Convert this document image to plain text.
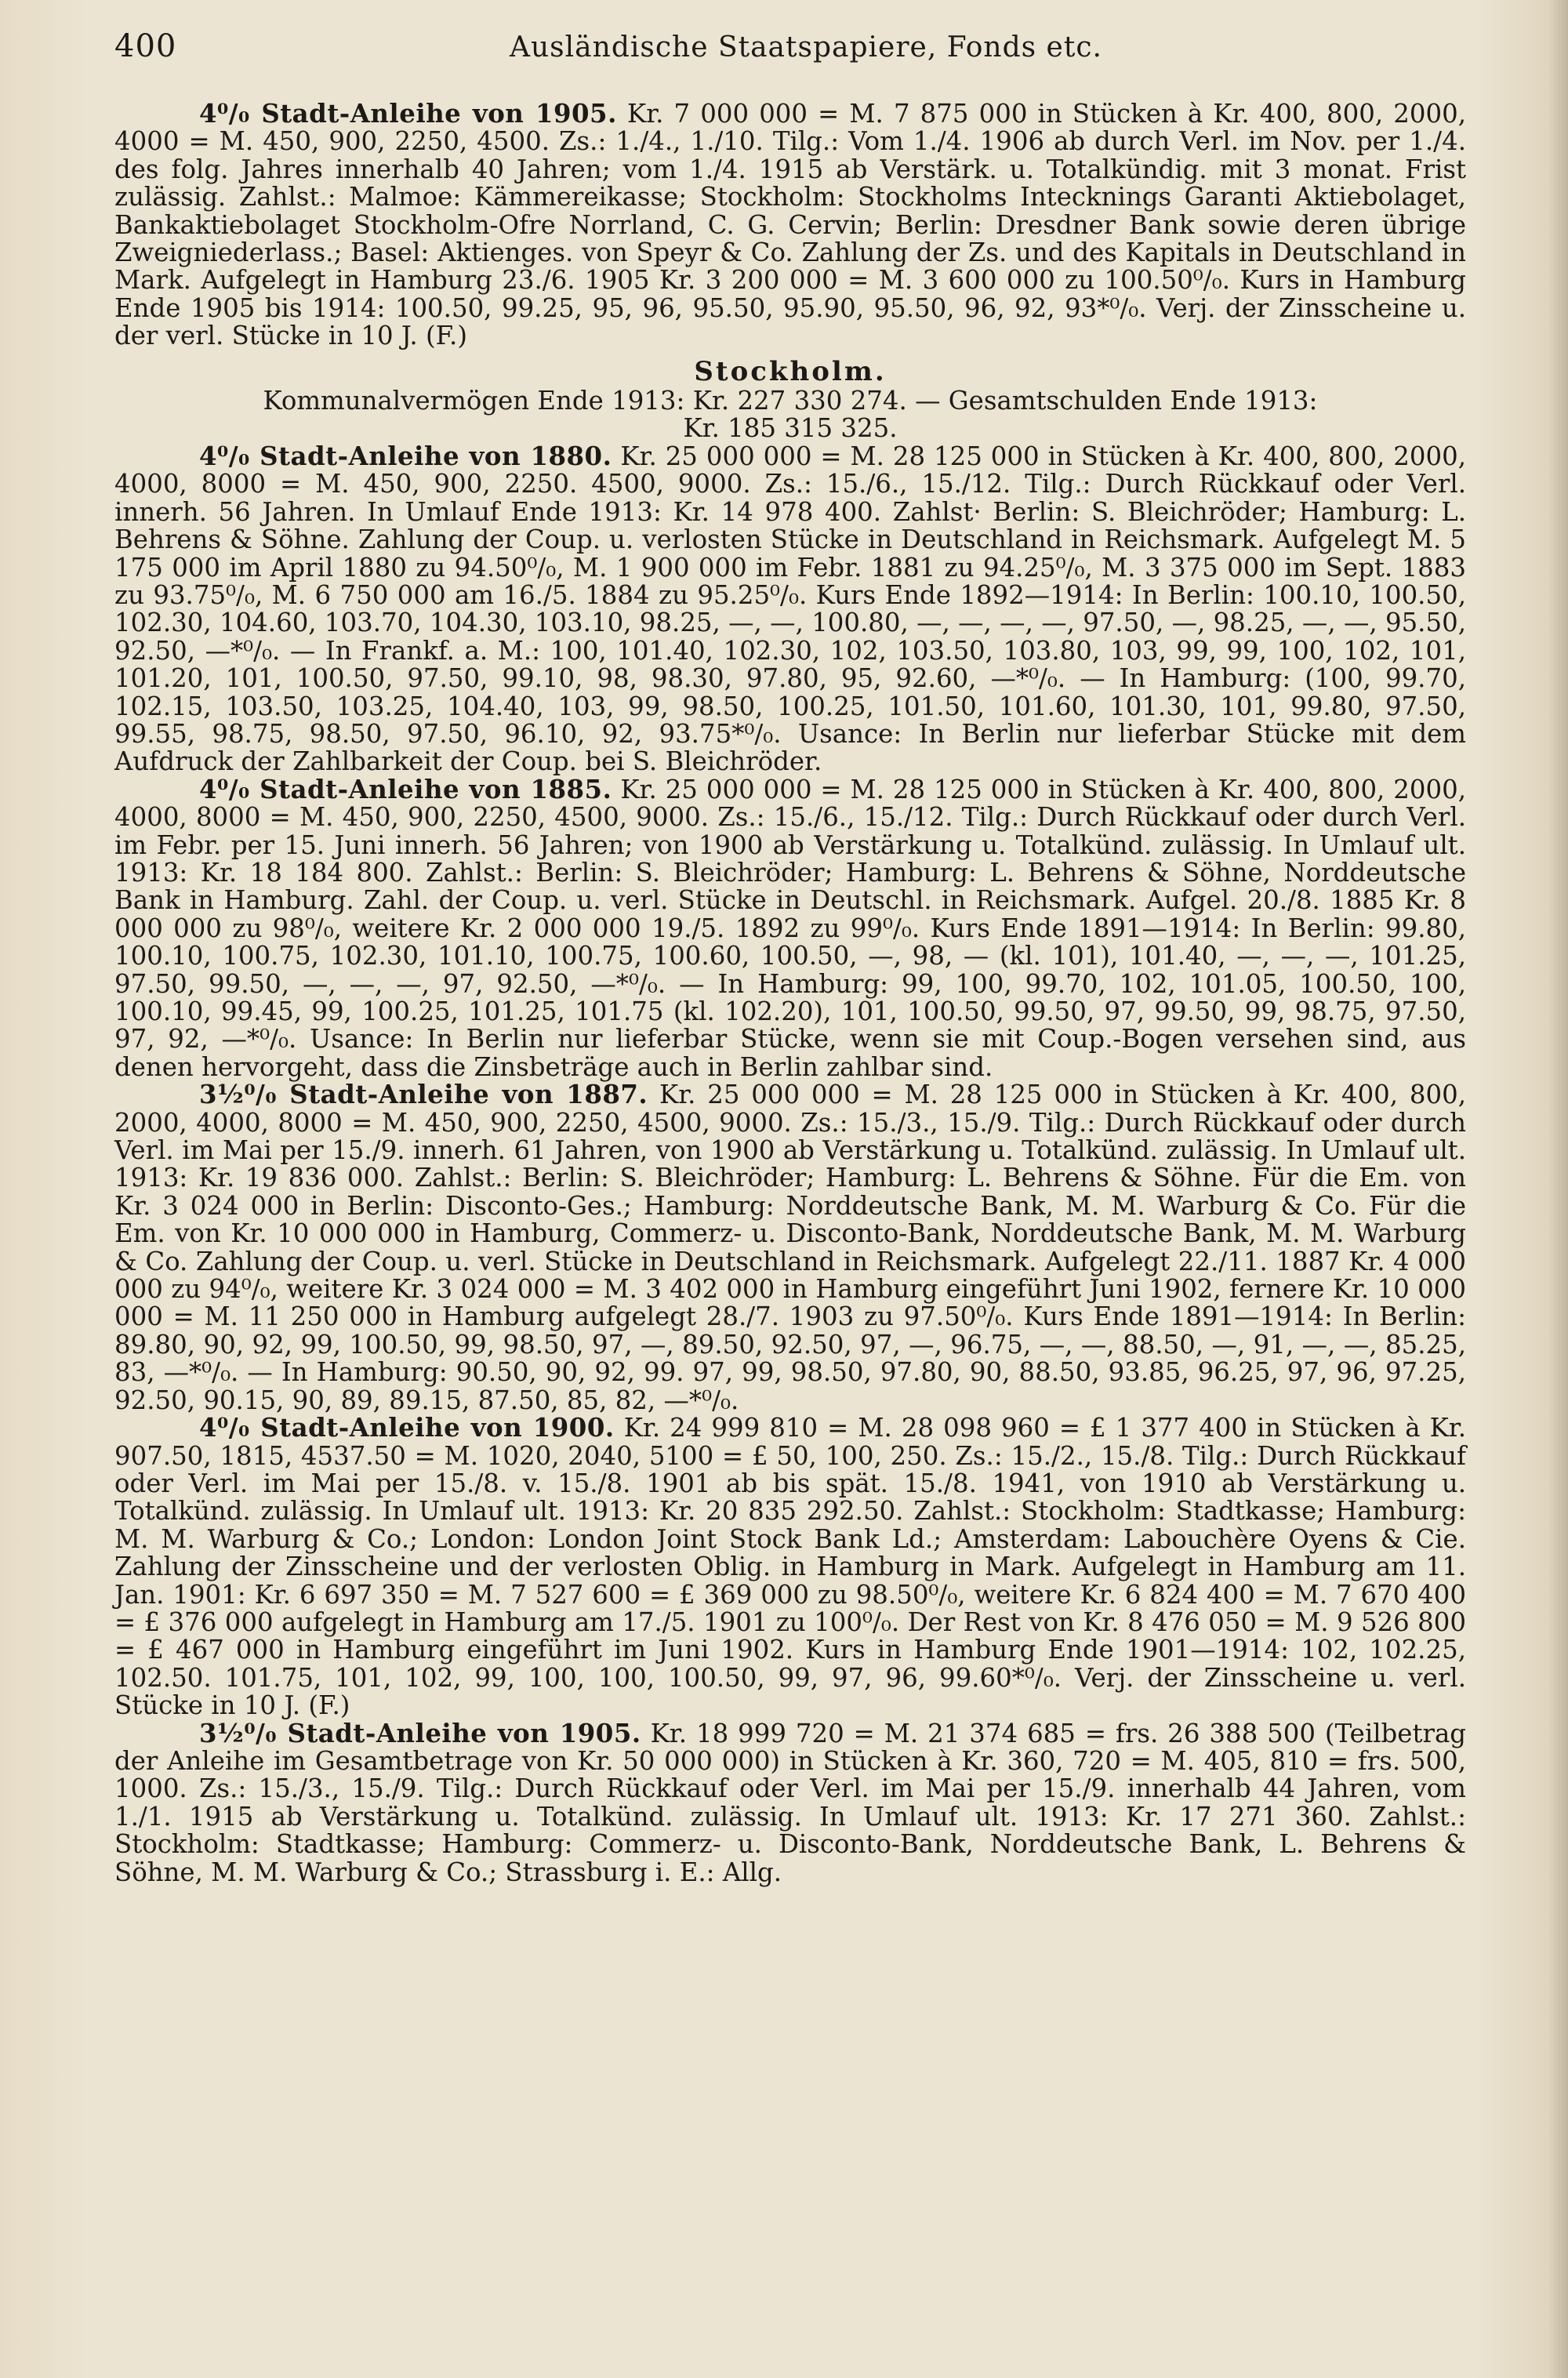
400	Ausländische Staatspapiere, Fonds etc.

4⁰/₀ Stadt-Anleihe von 1905. Kr. 7 000 000 = M. 7 875 000 in Stücken à Kr. 400, 800, 2000, 4000 = M. 450, 900, 2250, 4500. Zs.: 1./4., 1./10. Tilg.: Vom 1./4. 1906 ab durch Verl. im Nov. per 1./4. des folg. Jahres innerhalb 40 Jahren; vom 1./4. 1915 ab Verstärk. u. Totalkündig. mit 3 monat. Frist zulässig. Zahlst.: Malmoe: Kämmereikasse; Stockholm: Stockholms Intecknings Garanti Aktiebolaget, Bankaktiebolaget Stockholm-Ofre Norrland, C. G. Cervin; Berlin: Dresdner Bank sowie deren übrige Zweigniederlass.; Basel: Aktienges. von Speyr & Co. Zahlung der Zs. und des Kapitals in Deutschland in Mark. Aufgelegt in Hamburg 23./6. 1905 Kr. 3 200 000 = M. 3 600 000 zu 100.50⁰/₀. Kurs in Hamburg Ende 1905 bis 1914: 100.50, 99.25, 95, 96, 95.50, 95.90, 95.50, 96, 92, 93*⁰/₀. Verj. der Zinsscheine u. der verl. Stücke in 10 J. (F.)

Stockholm.
Kommunalvermögen Ende 1913: Kr. 227 330 274. — Gesamtschulden Ende 1913:
Kr. 185 315 325.

4⁰/₀ Stadt-Anleihe von 1880. Kr. 25 000 000 = M. 28 125 000 in Stücken à Kr. 400, 800, 2000, 4000, 8000 = M. 450, 900, 2250. 4500, 9000. Zs.: 15./6., 15./12. Tilg.: Durch Rückkauf oder Verl. innerh. 56 Jahren. In Umlauf Ende 1913: Kr. 14 978 400. Zahlst· Berlin: S. Bleichröder; Hamburg: L. Behrens & Söhne. Zahlung der Coup. u. verlosten Stücke in Deutschland in Reichsmark. Aufgelegt M. 5 175 000 im April 1880 zu 94.50⁰/₀, M. 1 900 000 im Febr. 1881 zu 94.25⁰/₀, M. 3 375 000 im Sept. 1883 zu 93.75⁰/₀, M. 6 750 000 am 16./5. 1884 zu 95.25⁰/₀. Kurs Ende 1892—1914: In Berlin: 100.10, 100.50, 102.30, 104.60, 103.70, 104.30, 103.10, 98.25, —, —, 100.80, —, —, —, —, 97.50, —, 98.25, —, —, 95.50, 92.50, —*⁰/₀. — In Frankf. a. M.: 100, 101.40, 102.30, 102, 103.50, 103.80, 103, 99, 99, 100, 102, 101, 101.20, 101, 100.50, 97.50, 99.10, 98, 98.30, 97.80, 95, 92.60, —*⁰/₀. — In Hamburg: (100, 99.70, 102.15, 103.50, 103.25, 104.40, 103, 99, 98.50, 100.25, 101.50, 101.60, 101.30, 101, 99.80, 97.50, 99.55, 98.75, 98.50, 97.50, 96.10, 92, 93.75*⁰/₀. Usance: In Berlin nur lieferbar Stücke mit dem Aufdruck der Zahlbarkeit der Coup. bei S. Bleichröder.

4⁰/₀ Stadt-Anleihe von 1885. Kr. 25 000 000 = M. 28 125 000 in Stücken à Kr. 400, 800, 2000, 4000, 8000 = M. 450, 900, 2250, 4500, 9000. Zs.: 15./6., 15./12. Tilg.: Durch Rückkauf oder durch Verl. im Febr. per 15. Juni innerh. 56 Jahren; von 1900 ab Verstärkung u. Totalkünd. zulässig. In Umlauf ult. 1913: Kr. 18 184 800. Zahlst.: Berlin: S. Bleichröder; Hamburg: L. Behrens & Söhne, Norddeutsche Bank in Hamburg. Zahl. der Coup. u. verl. Stücke in Deutschl. in Reichsmark. Aufgel. 20./8. 1885 Kr. 8 000 000 zu 98⁰/₀, weitere Kr. 2 000 000 19./5. 1892 zu 99⁰/₀. Kurs Ende 1891—1914: In Berlin: 99.80, 100.10, 100.75, 102.30, 101.10, 100.75, 100.60, 100.50, —, 98, — (kl. 101), 101.40, —, —, —, 101.25, 97.50, 99.50, —, —, —, 97, 92.50, —*⁰/₀. — In Hamburg: 99, 100, 99.70, 102, 101.05, 100.50, 100, 100.10, 99.45, 99, 100.25, 101.25, 101.75 (kl. 102.20), 101, 100.50, 99.50, 97, 99.50, 99, 98.75, 97.50, 97, 92, —*⁰/₀. Usance: In Berlin nur lieferbar Stücke, wenn sie mit Coup.-Bogen versehen sind, aus denen hervorgeht, dass die Zinsbeträge auch in Berlin zahlbar sind.

3½⁰/₀ Stadt-Anleihe von 1887. Kr. 25 000 000 = M. 28 125 000 in Stücken à Kr. 400, 800, 2000, 4000, 8000 = M. 450, 900, 2250, 4500, 9000. Zs.: 15./3., 15./9. Tilg.: Durch Rückkauf oder durch Verl. im Mai per 15./9. innerh. 61 Jahren, von 1900 ab Verstärkung u. Totalkünd. zulässig. In Umlauf ult. 1913: Kr. 19 836 000. Zahlst.: Berlin: S. Bleichröder; Hamburg: L. Behrens & Söhne. Für die Em. von Kr. 3 024 000 in Berlin: Disconto-Ges.; Hamburg: Norddeutsche Bank, M. M. Warburg & Co. Für die Em. von Kr. 10 000 000 in Hamburg, Commerz- u. Disconto-Bank, Norddeutsche Bank, M. M. Warburg & Co. Zahlung der Coup. u. verl. Stücke in Deutschland in Reichsmark. Aufgelegt 22./11. 1887 Kr. 4 000 000 zu 94⁰/₀, weitere Kr. 3 024 000 = M. 3 402 000 in Hamburg eingeführt Juni 1902, fernere Kr. 10 000 000 = M. 11 250 000 in Hamburg aufgelegt 28./7. 1903 zu 97.50⁰/₀. Kurs Ende 1891—1914: In Berlin: 89.80, 90, 92, 99, 100.50, 99, 98.50, 97, —, 89.50, 92.50, 97, —, 96.75, —, —, 88.50, —, 91, —, —, 85.25, 83, —*⁰/₀. — In Hamburg: 90.50, 90, 92, 99. 97, 99, 98.50, 97.80, 90, 88.50, 93.85, 96.25, 97, 96, 97.25, 92.50, 90.15, 90, 89, 89.15, 87.50, 85, 82, —*⁰/₀.

4⁰/₀ Stadt-Anleihe von 1900. Kr. 24 999 810 = M. 28 098 960 = £ 1 377 400 in Stücken à Kr. 907.50, 1815, 4537.50 = M. 1020, 2040, 5100 = £ 50, 100, 250. Zs.: 15./2., 15./8. Tilg.: Durch Rückkauf oder Verl. im Mai per 15./8. v. 15./8. 1901 ab bis spät. 15./8. 1941, von 1910 ab Verstärkung u. Totalkünd. zulässig. In Umlauf ult. 1913: Kr. 20 835 292.50. Zahlst.: Stockholm: Stadtkasse; Hamburg: M. M. Warburg & Co.; London: London Joint Stock Bank Ld.; Amsterdam: Labouchère Oyens & Cie. Zahlung der Zinsscheine und der verlosten Oblig. in Hamburg in Mark. Aufgelegt in Hamburg am 11. Jan. 1901: Kr. 6 697 350 = M. 7 527 600 = £ 369 000 zu 98.50⁰/₀, weitere Kr. 6 824 400 = M. 7 670 400 = £ 376 000 aufgelegt in Hamburg am 17./5. 1901 zu 100⁰/₀. Der Rest von Kr. 8 476 050 = M. 9 526 800 = £ 467 000 in Hamburg eingeführt im Juni 1902. Kurs in Hamburg Ende 1901—1914: 102, 102.25, 102.50. 101.75, 101, 102, 99, 100, 100, 100.50, 99, 97, 96, 99.60*⁰/₀. Verj. der Zinsscheine u. verl. Stücke in 10 J. (F.)

3½⁰/₀ Stadt-Anleihe von 1905. Kr. 18 999 720 = M. 21 374 685 = frs. 26 388 500 (Teilbetrag der Anleihe im Gesamtbetrage von Kr. 50 000 000) in Stücken à Kr. 360, 720 = M. 405, 810 = frs. 500, 1000. Zs.: 15./3., 15./9. Tilg.: Durch Rückkauf oder Verl. im Mai per 15./9. innerhalb 44 Jahren, vom 1./1. 1915 ab Verstärkung u. Totalkünd. zulässig. In Umlauf ult. 1913: Kr. 17 271 360. Zahlst.: Stockholm: Stadtkasse; Hamburg: Commerz- u. Disconto-Bank, Norddeutsche Bank, L. Behrens & Söhne, M. M. Warburg & Co.; Strassburg i. E.: Allg.
